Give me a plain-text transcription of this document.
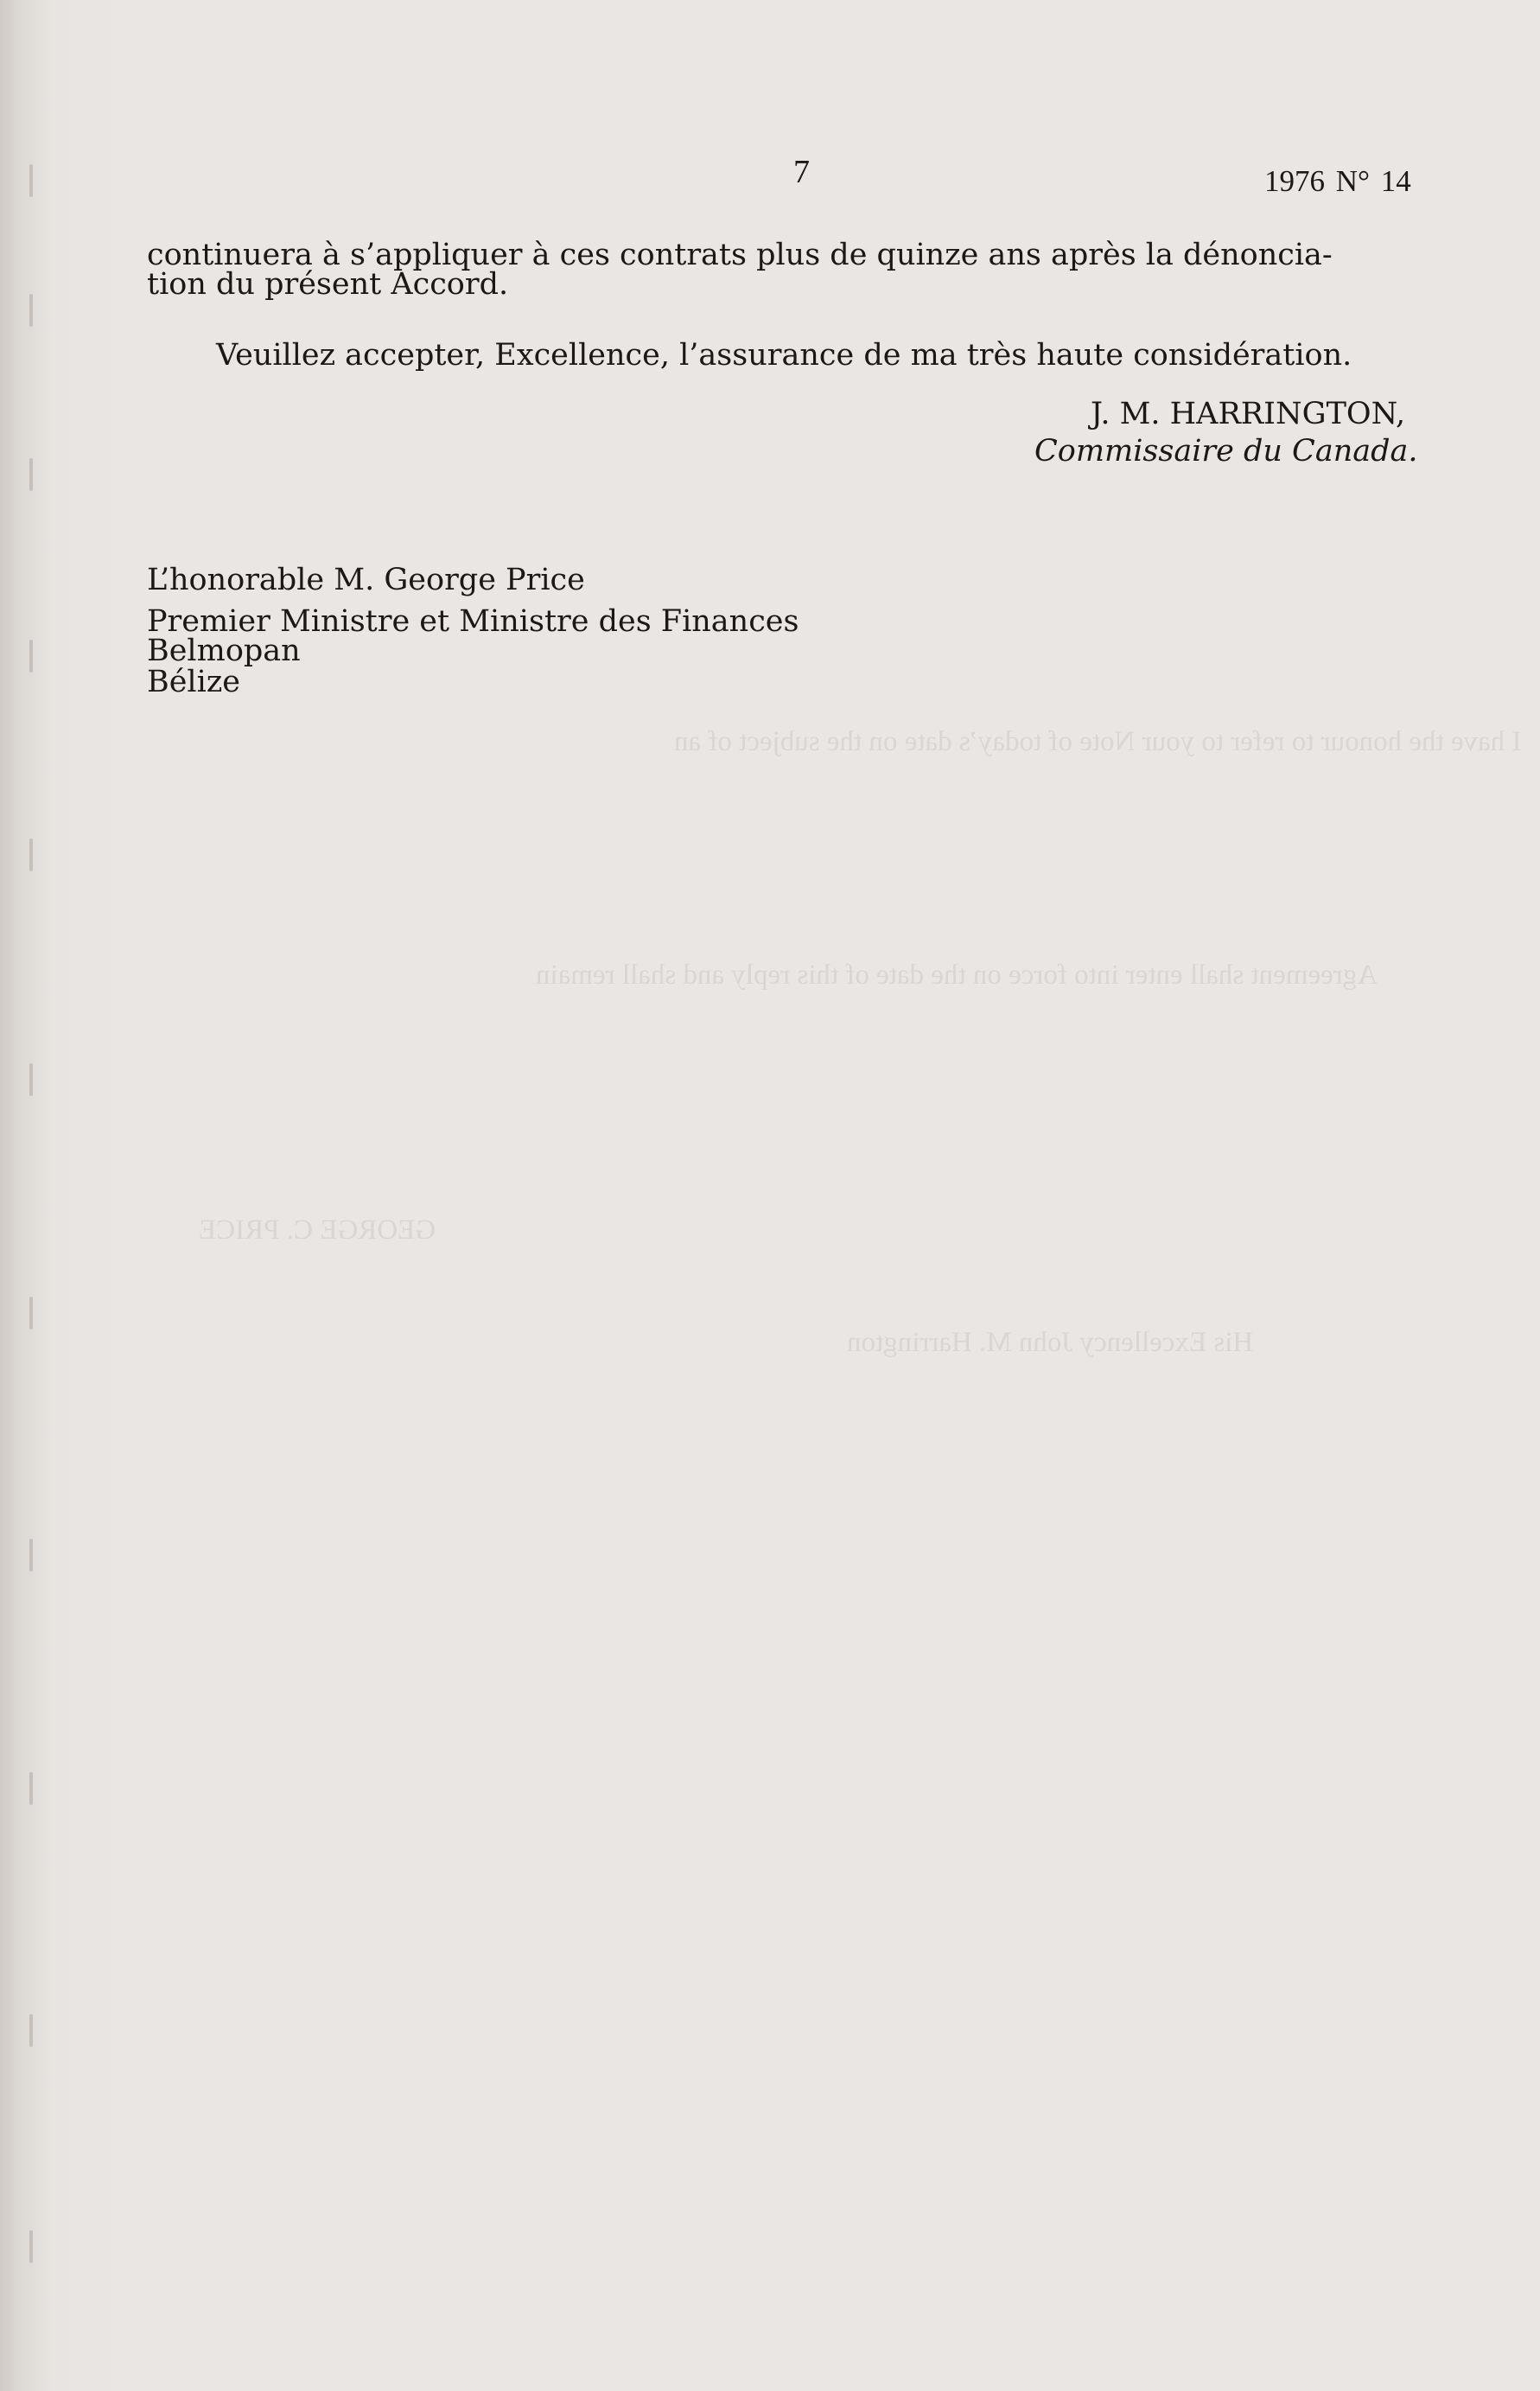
I have the honour to refer to your Note of today’s date on the subject of an
Agreement shall enter into force on the date of this reply and shall remain
GEORGE C. PRICE
His Excellency John M. Harrington
7	1976 N° 14
continuera à s’appliquer à ces contrats plus de quinze ans après la dénoncia-
tion du présent Accord.
Veuillez accepter, Excellence, l’assurance de ma très haute considération.
J. M. HARRINGTON,
Commissaire du Canada.
L’honorable M. George Price
Premier Ministre et Ministre des Finances
Belmopan
Bélize
